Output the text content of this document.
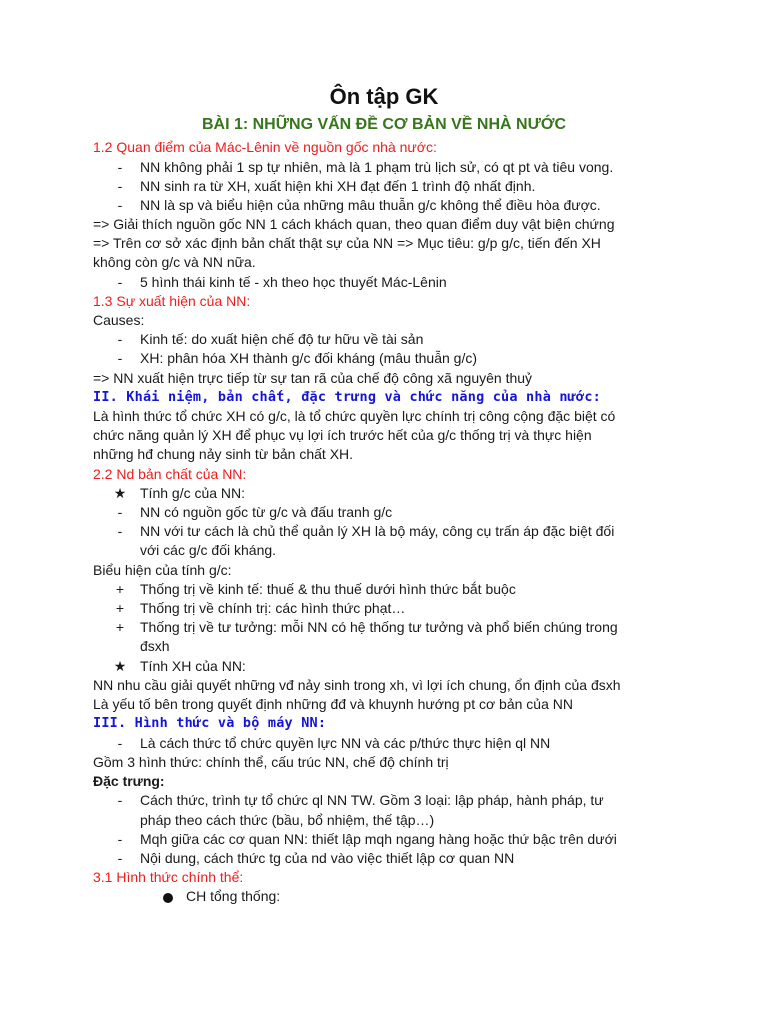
Ôn tập GK
BÀI 1: NHỮNG VẤN ĐỀ CƠ BẢN VỀ NHÀ NƯỚC
1.2 Quan điểm của Mác-Lênin về nguồn gốc nhà nước:
-	NN không phải 1 sp tự nhiên, mà là 1 phạm trù lịch sử, có qt pt và tiêu vong.
-	NN sinh ra từ XH, xuất hiện khi XH đạt đến 1 trình độ nhất định.
-	NN là sp và biểu hiện của những mâu thuẫn g/c không thể điều hòa được.
=> Giải thích nguồn gốc NN 1 cách khách quan, theo quan điểm duy vật biện chứng
=> Trên cơ sở xác định bản chất thật sự của NN => Mục tiêu: g/p g/c, tiến đến XH
không còn g/c và NN nữa.
-	5 hình thái kinh tế - xh theo học thuyết Mác-Lênin
1.3 Sự xuất hiện của NN:
Causes:
-	Kinh tế: do xuất hiện chế độ tư hữu về tài sản
-	XH: phân hóa XH thành g/c đối kháng (mâu thuẫn g/c)
=> NN xuất hiện trực tiếp từ sự tan rã của chế độ công xã nguyên thuỷ
II. Khái niệm, bản chất, đặc trưng và chức năng của nhà nước:
Là hình thức tổ chức XH có g/c, là tổ chức quyền lực chính trị công cộng đặc biệt có
chức năng quản lý XH để phục vụ lợi ích trước hết của g/c thống trị và thực hiện
những hđ chung nảy sinh từ bản chất XH.
2.2 Nd bản chất của NN:
★ Tính g/c của NN:
-	NN có nguồn gốc từ g/c và đấu tranh g/c
-	NN với tư cách là chủ thể quản lý XH là bộ máy, công cụ trấn áp đặc biệt đối
với các g/c đối kháng.
Biểu hiện của tính g/c:
+ Thống trị về kinh tế: thuế & thu thuế dưới hình thức bắt buộc
+ Thống trị về chính trị: các hình thức phạt…
+ Thống trị về tư tưởng: mỗi NN có hệ thống tư tưởng và phổ biến chúng trong
đsxh
★ Tính XH của NN:
NN nhu cầu giải quyết những vđ nảy sinh trong xh, vì lợi ích chung, ổn định của đsxh
Là yếu tố bên trong quyết định những đđ và khuynh hướng pt cơ bản của NN
III. Hình thức và bộ máy NN:
-	Là cách thức tổ chức quyền lực NN và các p/thức thực hiện ql NN
Gồm 3 hình thức: chính thể, cấu trúc NN, chế độ chính trị
Đặc trưng:
-	Cách thức, trình tự tổ chức ql NN TW. Gồm 3 loại: lập pháp, hành pháp, tư
pháp theo cách thức (bầu, bổ nhiệm, thế tập…)
-	Mqh giữa các cơ quan NN: thiết lập mqh ngang hàng hoặc thứ bậc trên dưới
-	Nội dung, cách thức tg của nd vào việc thiết lập cơ quan NN
3.1 Hình thức chính thể:
CH tổng thống:
